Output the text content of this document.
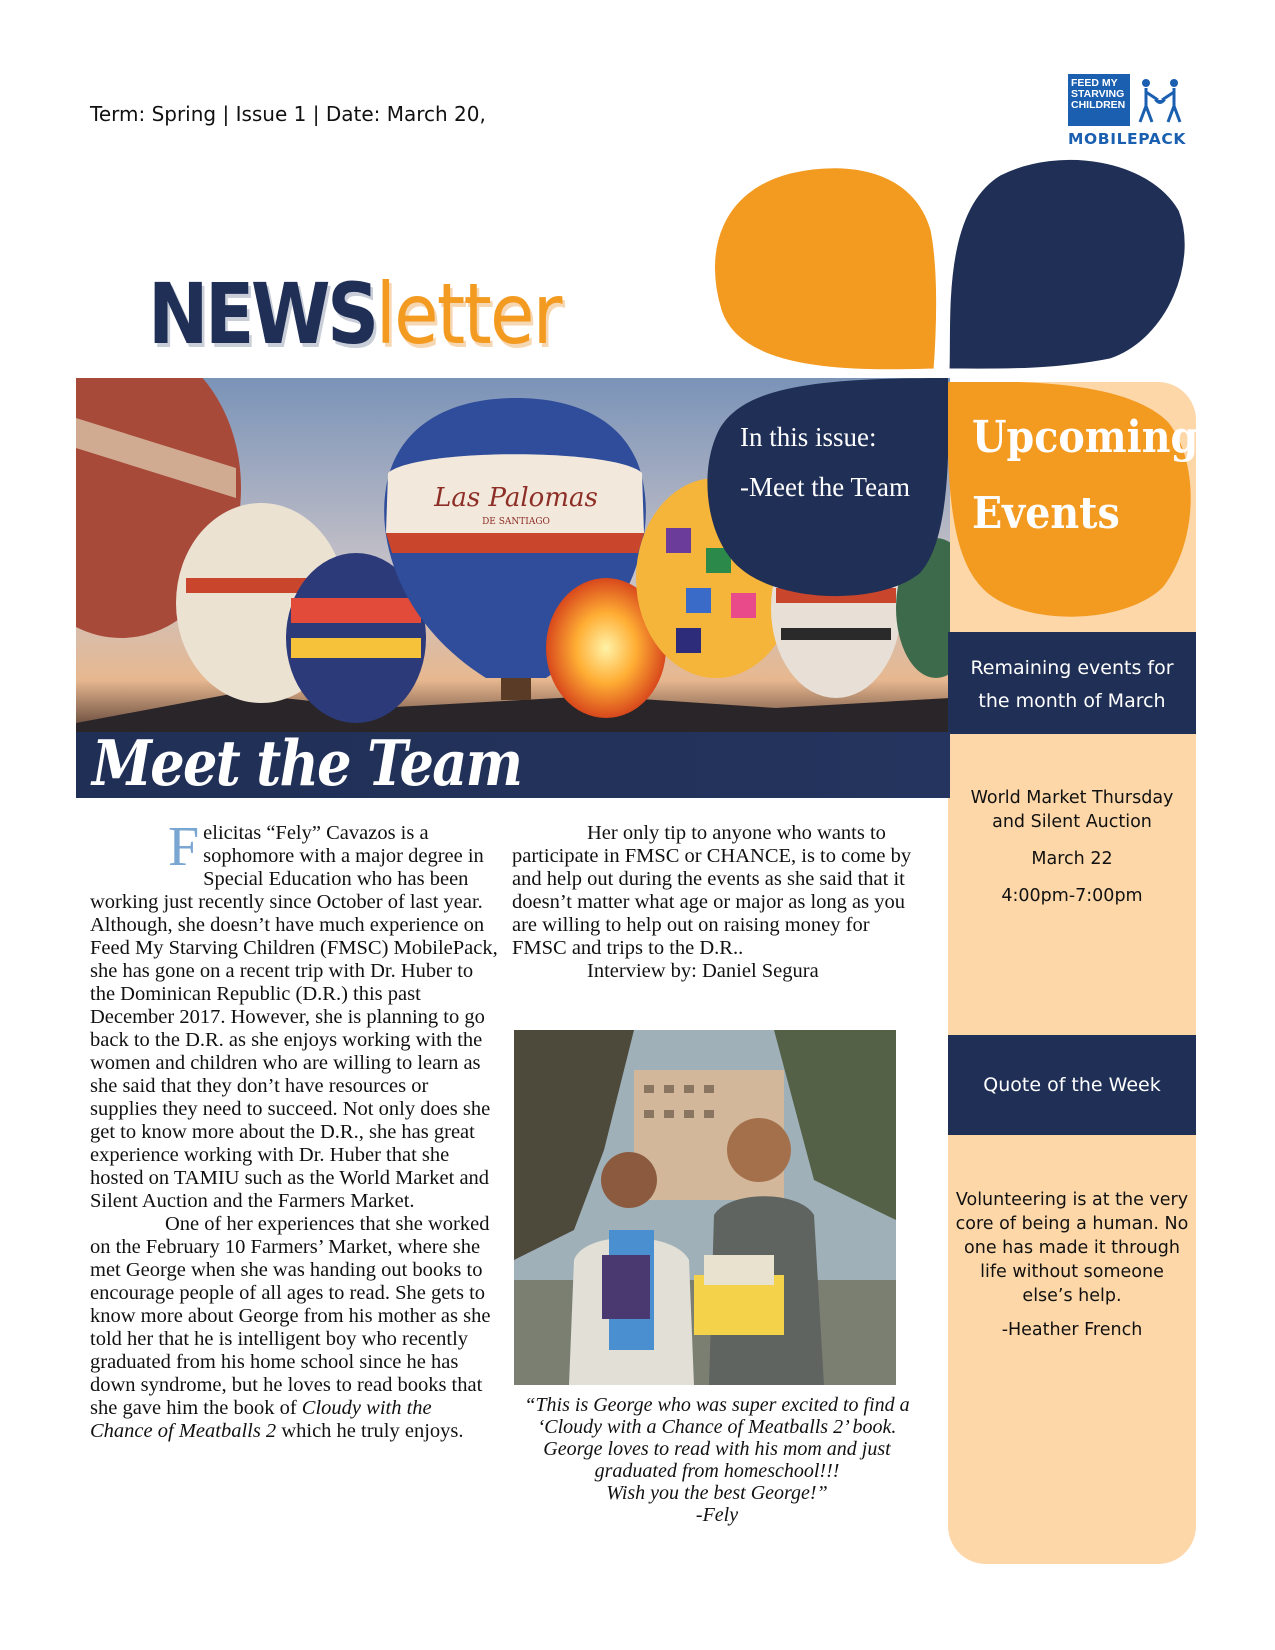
Term: Spring | Issue 1 | Date: March 20,
FEED MY
STARVING
CHILDREN
MOBILEPACK
NEWSletter
Las Palomas
DE SANTIAGO
In this issue:
-Meet the Team
Upcoming
Events
Remaining events for the month of March

World Market Thursday and Silent Auction

March 22

4:00pm-7:00pm

Quote of the Week

Volunteering is at the very core of being a human. No one has made it through life without someone else’s help.

-Heather French

Meet the Team

Felicitas “Fely” Cavazos is a sophomore with a major degree in Special Education who has been working just recently since October of last year. Although, she doesn’t have much experience on Feed My Starving Children (FMSC) MobilePack, she has gone on a recent trip with Dr. Huber to the Dominican Republic (D.R.) this past December 2017. However, she is planning to go back to the D.R. as she enjoys working with the women and children who are willing to learn as she said that they don’t have resources or supplies they need to succeed. Not only does she get to know more about the D.R., she has great experience working with Dr. Huber that she hosted on TAMIU such as the World Market and Silent Auction and the Farmers Market.

One of her experiences that she worked on the February 10 Farmers’ Market, where she met George when she was handing out books to encourage people of all ages to read. She gets to know more about George from his mother as she told her that he is intelligent boy who recently graduated from his home school since he has down syndrome, but he loves to read books that she gave him the book of Cloudy with the Chance of Meatballs 2 which he truly enjoys.

Her only tip to anyone who wants to participate in FMSC or CHANCE, is to come by and help out during the events as she said that it doesn’t matter what age or major as long as you are willing to help out on raising money for FMSC and trips to the D.R..

Interview by: Daniel Segura

“This is George who was super excited to find a

‘Cloudy with a Chance of Meatballs 2’ book.

George loves to read with his mom and just

graduated from homeschool!!!

Wish you the best George!”

-Fely
